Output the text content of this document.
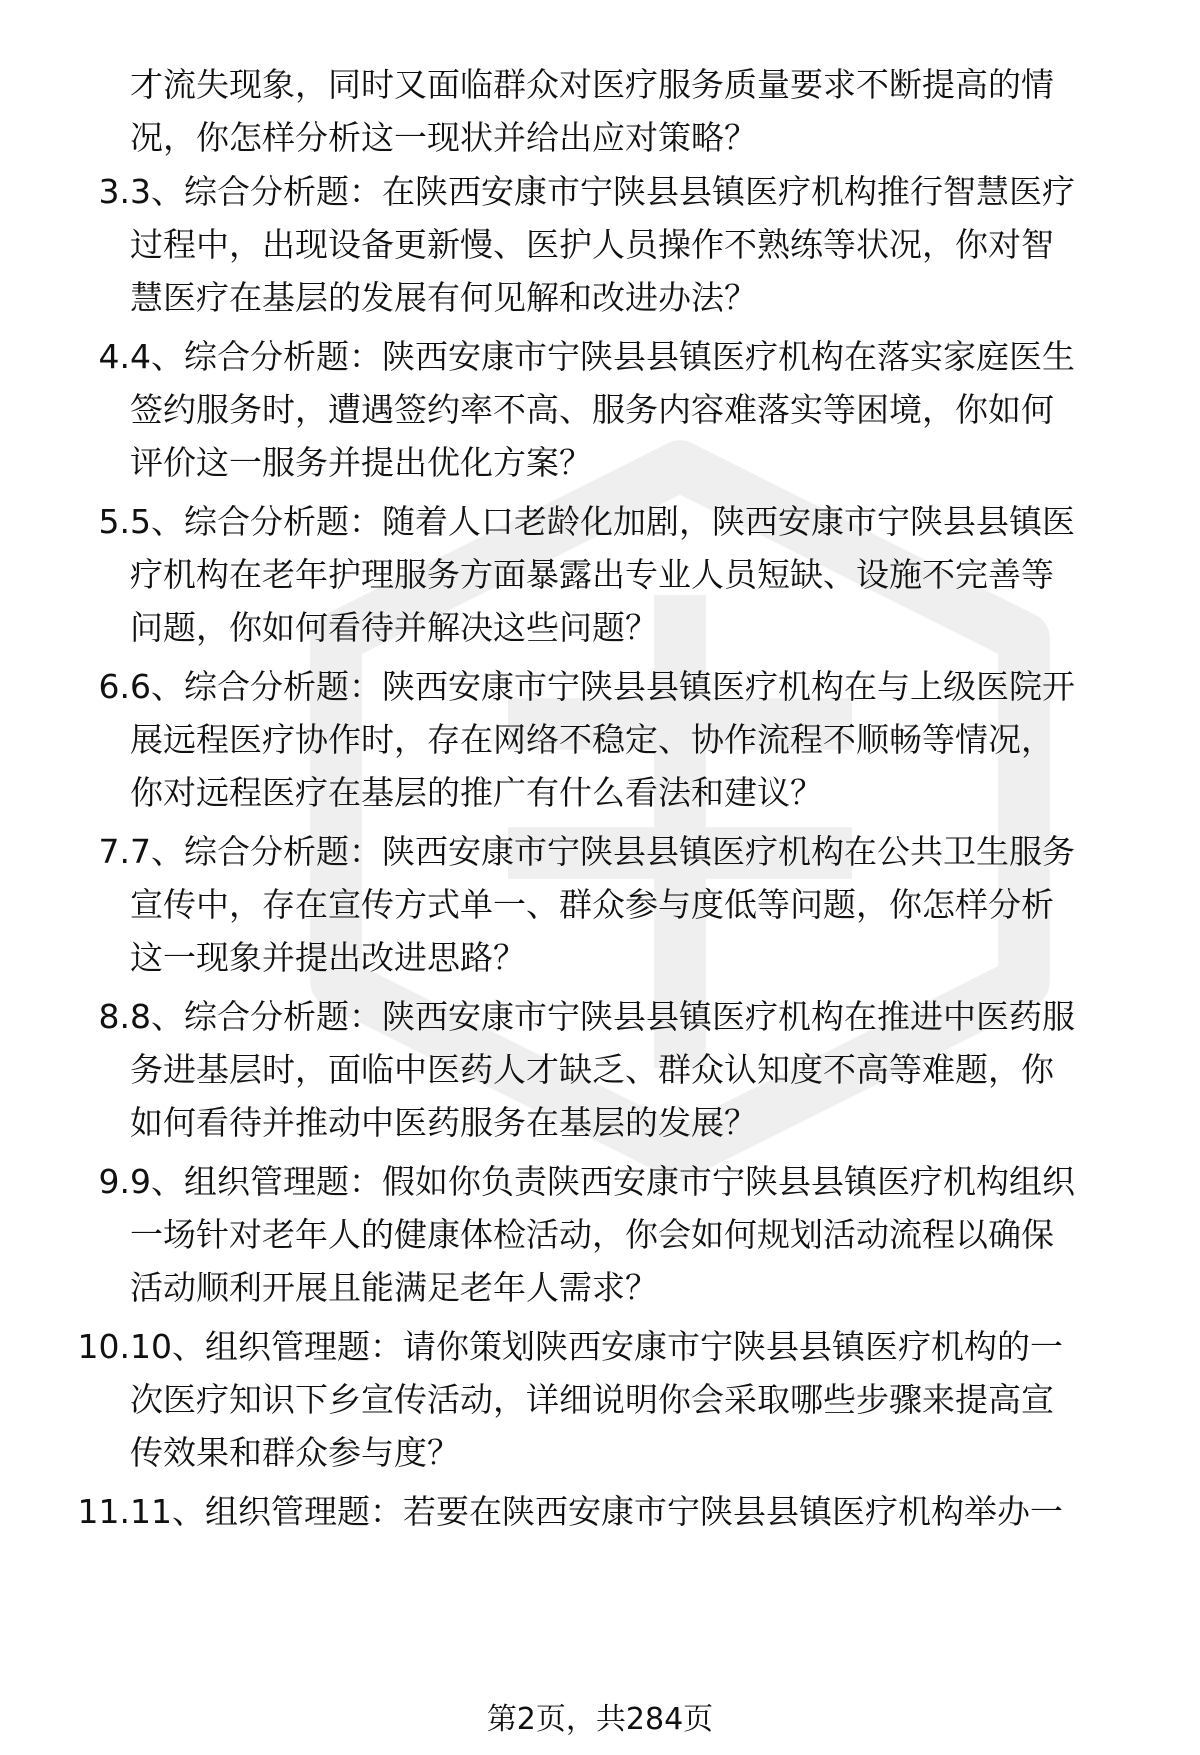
才流失现象，同时又面临群众对医疗服务质量要求不断提高的情
况，你怎样分析这一现状并给出应对策略？
3. 3、综合分析题：在陕西安康市宁陕县县镇医疗机构推行智慧医疗
过程中，出现设备更新慢、医护人员操作不熟练等状况，你对智
慧医疗在基层的发展有何见解和改进办法？
4. 4、综合分析题：陕西安康市宁陕县县镇医疗机构在落实家庭医生
签约服务时，遭遇签约率不高、服务内容难落实等困境，你如何
评价这一服务并提出优化方案？
5. 5、综合分析题：随着人口老龄化加剧，陕西安康市宁陕县县镇医
疗机构在老年护理服务方面暴露出专业人员短缺、设施不完善等
问题，你如何看待并解决这些问题？
6. 6、综合分析题：陕西安康市宁陕县县镇医疗机构在与上级医院开
展远程医疗协作时，存在网络不稳定、协作流程不顺畅等情况，
你对远程医疗在基层的推广有什么看法和建议？
7. 7、综合分析题：陕西安康市宁陕县县镇医疗机构在公共卫生服务
宣传中，存在宣传方式单一、群众参与度低等问题，你怎样分析
这一现象并提出改进思路？
8. 8、综合分析题：陕西安康市宁陕县县镇医疗机构在推进中医药服
务进基层时，面临中医药人才缺乏、群众认知度不高等难题，你
如何看待并推动中医药服务在基层的发展？
9. 9、组织管理题：假如你负责陕西安康市宁陕县县镇医疗机构组织
一场针对老年人的健康体检活动，你会如何规划活动流程以确保
活动顺利开展且能满足老年人需求？
10. 10、组织管理题：请你策划陕西安康市宁陕县县镇医疗机构的一
次医疗知识下乡宣传活动，详细说明你会采取哪些步骤来提高宣
传效果和群众参与度？
11. 11、组织管理题：若要在陕西安康市宁陕县县镇医疗机构举办一
第2页，共284页
